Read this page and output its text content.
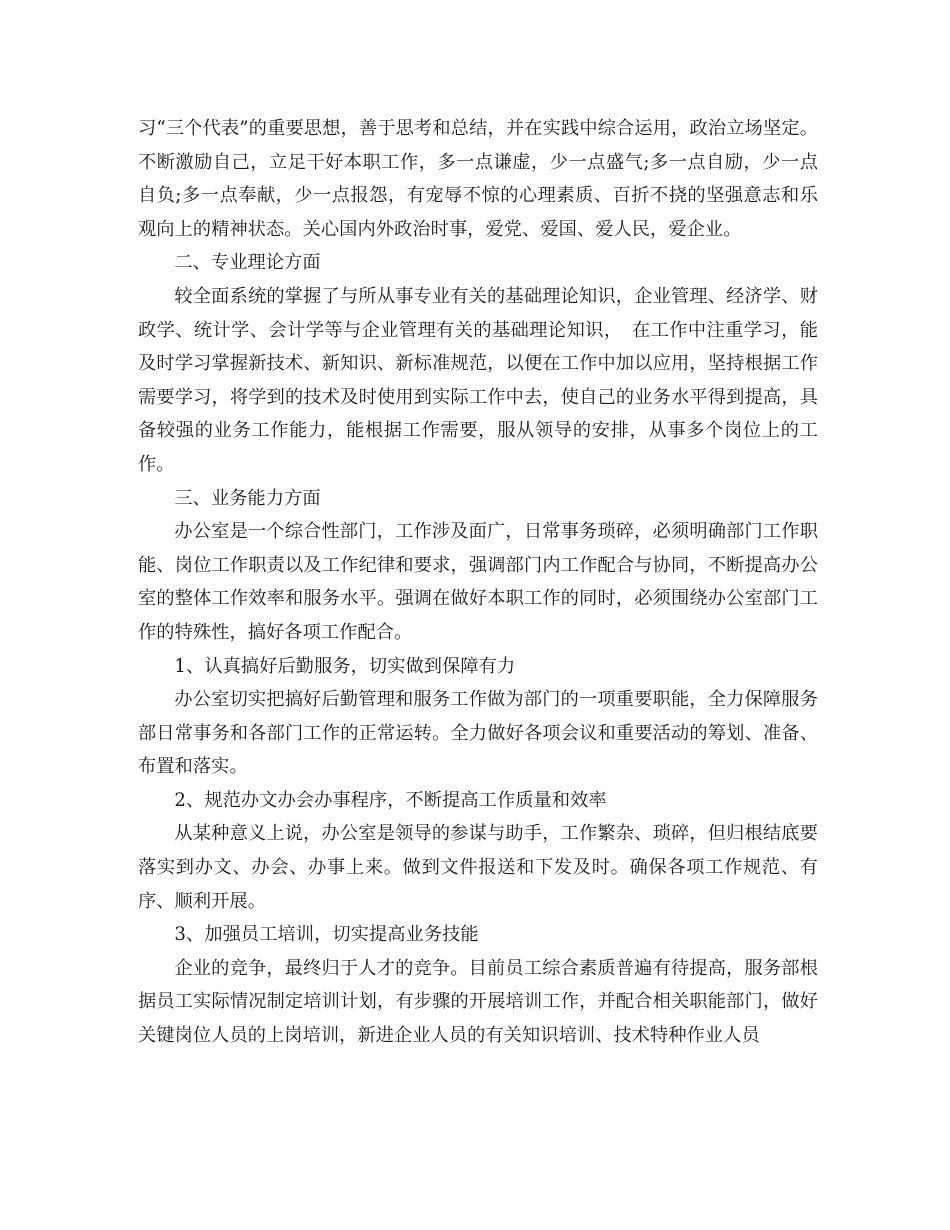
习“三个代表”的重要思想，善于思考和总结，并在实践中综合运用，政治立场坚定。不断激励自己，立足干好本职工作，多一点谦虚，少一点盛气;多一点自励，少一点自负;多一点奉献，少一点报怨，有宠辱不惊的心理素质、百折不挠的坚强意志和乐观向上的精神状态。关心国内外政治时事，爱党、爱国、爱人民，爱企业。

二、专业理论方面

较全面系统的掌握了与所从事专业有关的基础理论知识，企业管理、经济学、财政学、统计学、会计学等与企业管理有关的基础理论知识，　在工作中注重学习，能及时学习掌握新技术、新知识、新标准规范，以便在工作中加以应用，坚持根据工作需要学习，将学到的技术及时使用到实际工作中去，使自己的业务水平得到提高，具备较强的业务工作能力，能根据工作需要，服从领导的安排，从事多个岗位上的工作。

三、业务能力方面

办公室是一个综合性部门，工作涉及面广，日常事务琐碎，必须明确部门工作职能、岗位工作职责以及工作纪律和要求，强调部门内工作配合与协同，不断提高办公室的整体工作效率和服务水平。强调在做好本职工作的同时，必须围绕办公室部门工作的特殊性，搞好各项工作配合。

1、认真搞好后勤服务，切实做到保障有力

办公室切实把搞好后勤管理和服务工作做为部门的一项重要职能，全力保障服务部日常事务和各部门工作的正常运转。全力做好各项会议和重要活动的筹划、准备、布置和落实。

2、规范办文办会办事程序，不断提高工作质量和效率

从某种意义上说，办公室是领导的参谋与助手，工作繁杂、琐碎，但归根结底要落实到办文、办会、办事上来。做到文件报送和下发及时。确保各项工作规范、有序、顺利开展。

3、加强员工培训，切实提高业务技能

企业的竞争，最终归于人才的竞争。目前员工综合素质普遍有待提高，服务部根据员工实际情况制定培训计划，有步骤的开展培训工作，并配合相关职能部门，做好关键岗位人员的上岗培训，新进企业人员的有关知识培训、技术特种作业人员
